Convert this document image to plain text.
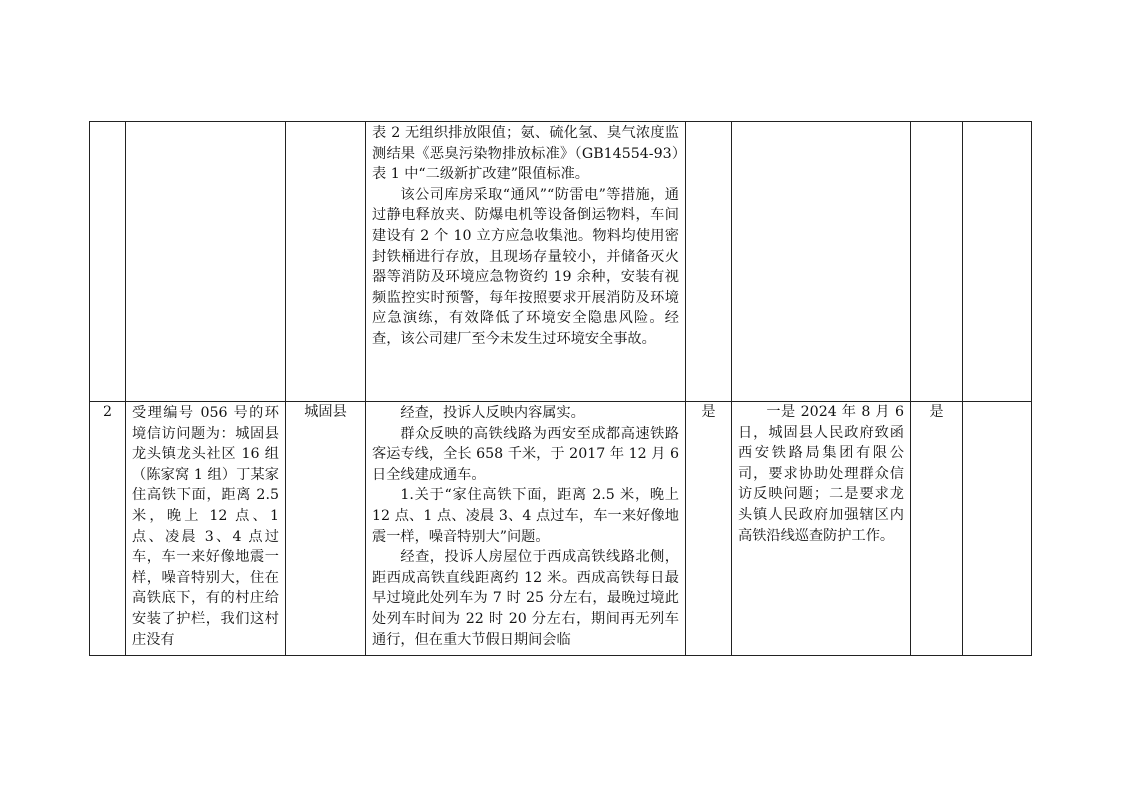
			表 2 无组织排放限值；氨、硫化氢、臭气浓度监测结果《恶臭污染物排放标准》（GB14554-93）表 1 中“二级新扩改建”限值标准。

该公司库房采取“通风”“防雷电”等措施，通过静电释放夹、防爆电机等设备倒运物料，车间建设有 2 个 10 立方应急收集池。物料均使用密封铁桶进行存放，且现场存量较小，并储备灭火器等消防及环境应急物资约 19 余种，安装有视频监控实时预警，每年按照要求开展消防及环境应急演练，有效降低了环境安全隐患风险。经查，该公司建厂至今未发生过环境安全事故。				

2	受理编号 056 号的环境信访问题为：城固县龙头镇龙头社区 16 组（陈家窝 1 组）丁某家住高铁下面，距离 2.5 米，晚上 12 点、1 点、凌晨 3、4 点过车，车一来好像地震一样，噪音特别大，住在高铁底下，有的村庄给安装了护栏，我们这村庄没有	城固县	经查，投诉人反映内容属实。

群众反映的高铁线路为西安至成都高速铁路客运专线，全长 658 千米，于 2017 年 12 月 6 日全线建成通车。

1.关于“家住高铁下面，距离 2.5 米，晚上 12 点、1 点、凌晨 3、4 点过车，车一来好像地震一样，噪音特别大”问题。

经查，投诉人房屋位于西成高铁线路北侧，距西成高铁直线距离约 12 米。西成高铁每日最早过境此处列车为 7 时 25 分左右，最晚过境此处列车时间为 22 时 20 分左右，期间再无列车通行，但在重大节假日期间会临	是	一是 2024 年 8 月 6 日，城固县人民政府致函西安铁路局集团有限公司，要求协助处理群众信访反映问题；二是要求龙头镇人民政府加强辖区内高铁沿线巡查防护工作。	是	
